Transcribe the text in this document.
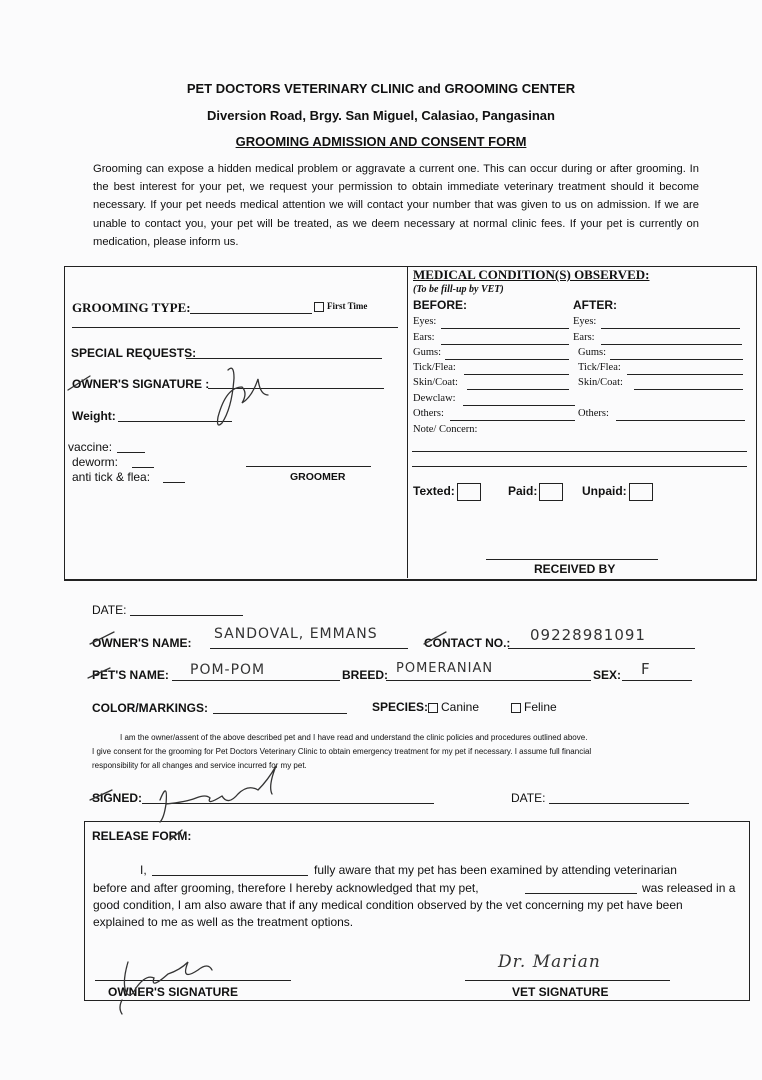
PET DOCTORS VETERINARY CLINIC and GROOMING CENTER
Diversion Road, Brgy. San Miguel, Calasiao, Pangasinan
GROOMING ADMISSION AND CONSENT FORM
Grooming can expose a hidden medical problem or aggravate a current one. This can occur during or after grooming. In the best interest for your pet, we request your permission to obtain immediate veterinary treatment should it become necessary. If your pet needs medical attention we will contact your number that was given to us on admission. If we are unable to contact you, your pet will be treated, as we deem necessary at normal clinic fees. If your pet is currently on medication, please inform us.
GROOMING TYPE:	First Time
SPECIAL REQUESTS:
OWNER'S SIGNATURE :
Weight:
vaccine:
deworm:
anti tick & flea:	GROOMER
MEDICAL CONDITION(S) OBSERVED:
(To be fill-up by VET)
BEFORE:	AFTER:
Eyes:	Eyes:
Ears:	Ears:
Gums:	Gums:
Tick/Flea:	Tick/Flea:
Skin/Coat:	Skin/Coat:
Dewclaw:
Others:	Others:
Note/ Concern:
Texted:	Paid:	Unpaid:
RECEIVED BY
DATE:
OWNER'S NAME:
SANDOVAL, EMMANS
CONTACT NO.: 09228981091
PET'S NAME: POM-POM	BREED: POMERANIAN	SEX: F
COLOR/MARKINGS:	SPECIES:	Canine	Feline
I am the owner/assent of the above described pet and I have read and understand the clinic policies and procedures outlined above.
I give consent for the grooming for Pet Doctors Veterinary Clinic to obtain emergency treatment for my pet if necessary. I assume full financial
responsibility for all changes and service incurred for my pet.
SIGNED:	DATE:
RELEASE FORM:
I,	fully aware that my pet has been examined by attending veterinarian
before and after grooming, therefore I hereby acknowledged that my pet,	was released in a
good condition, I am also aware that if any medical condition observed by the vet concerning my pet have been
explained to me as well as the treatment options.
OWNER'S SIGNATURE	VET SIGNATURE
Dr. Marian
